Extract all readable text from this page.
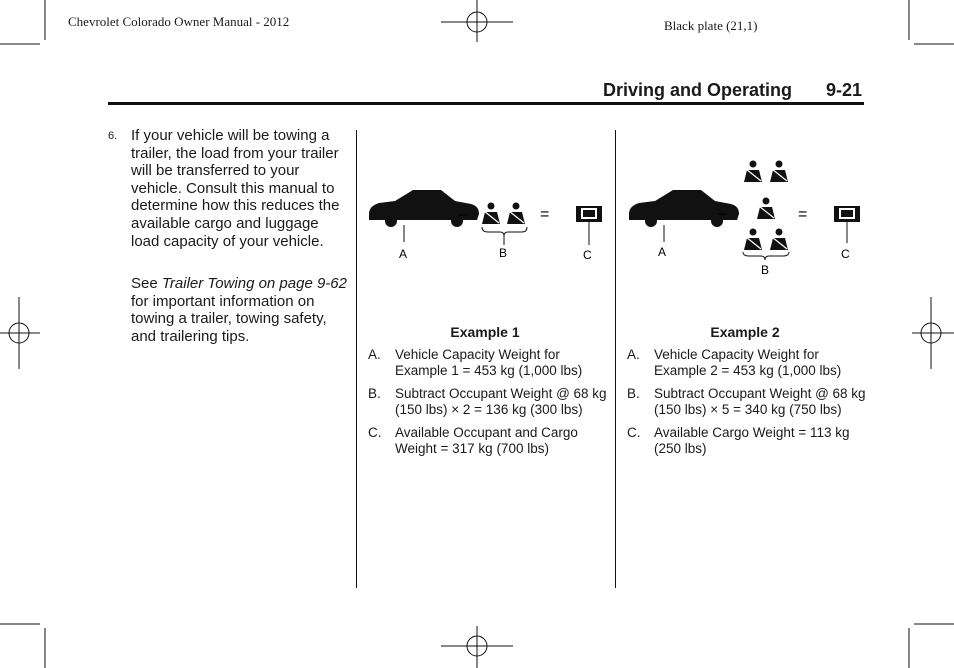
Chevrolet Colorado Owner Manual - 2012	Black plate (21,1)
Driving and Operating 9-21
6. If your vehicle will be towing a trailer, the load from your trailer will be transferred to your vehicle. Consult this manual to determine how this reduces the available cargo and luggage load capacity of your vehicle.
See Trailer Towing on page 9-62 for important information on towing a trailer, towing safety, and trailering tips.
A
–
B
=
C
Example 1
A. Vehicle Capacity Weight for Example 1 = 453 kg (1,000 lbs)
B. Subtract Occupant Weight @ 68 kg (150 lbs) × 2 = 136 kg (300 lbs)
C. Available Occupant and Cargo Weight = 317 kg (700 lbs)
A
–
B
=
C
Example 2
A. Vehicle Capacity Weight for Example 2 = 453 kg (1,000 lbs)
B. Subtract Occupant Weight @ 68 kg (150 lbs) × 5 = 340 kg (750 lbs)
C. Available Cargo Weight = 113 kg (250 lbs)
